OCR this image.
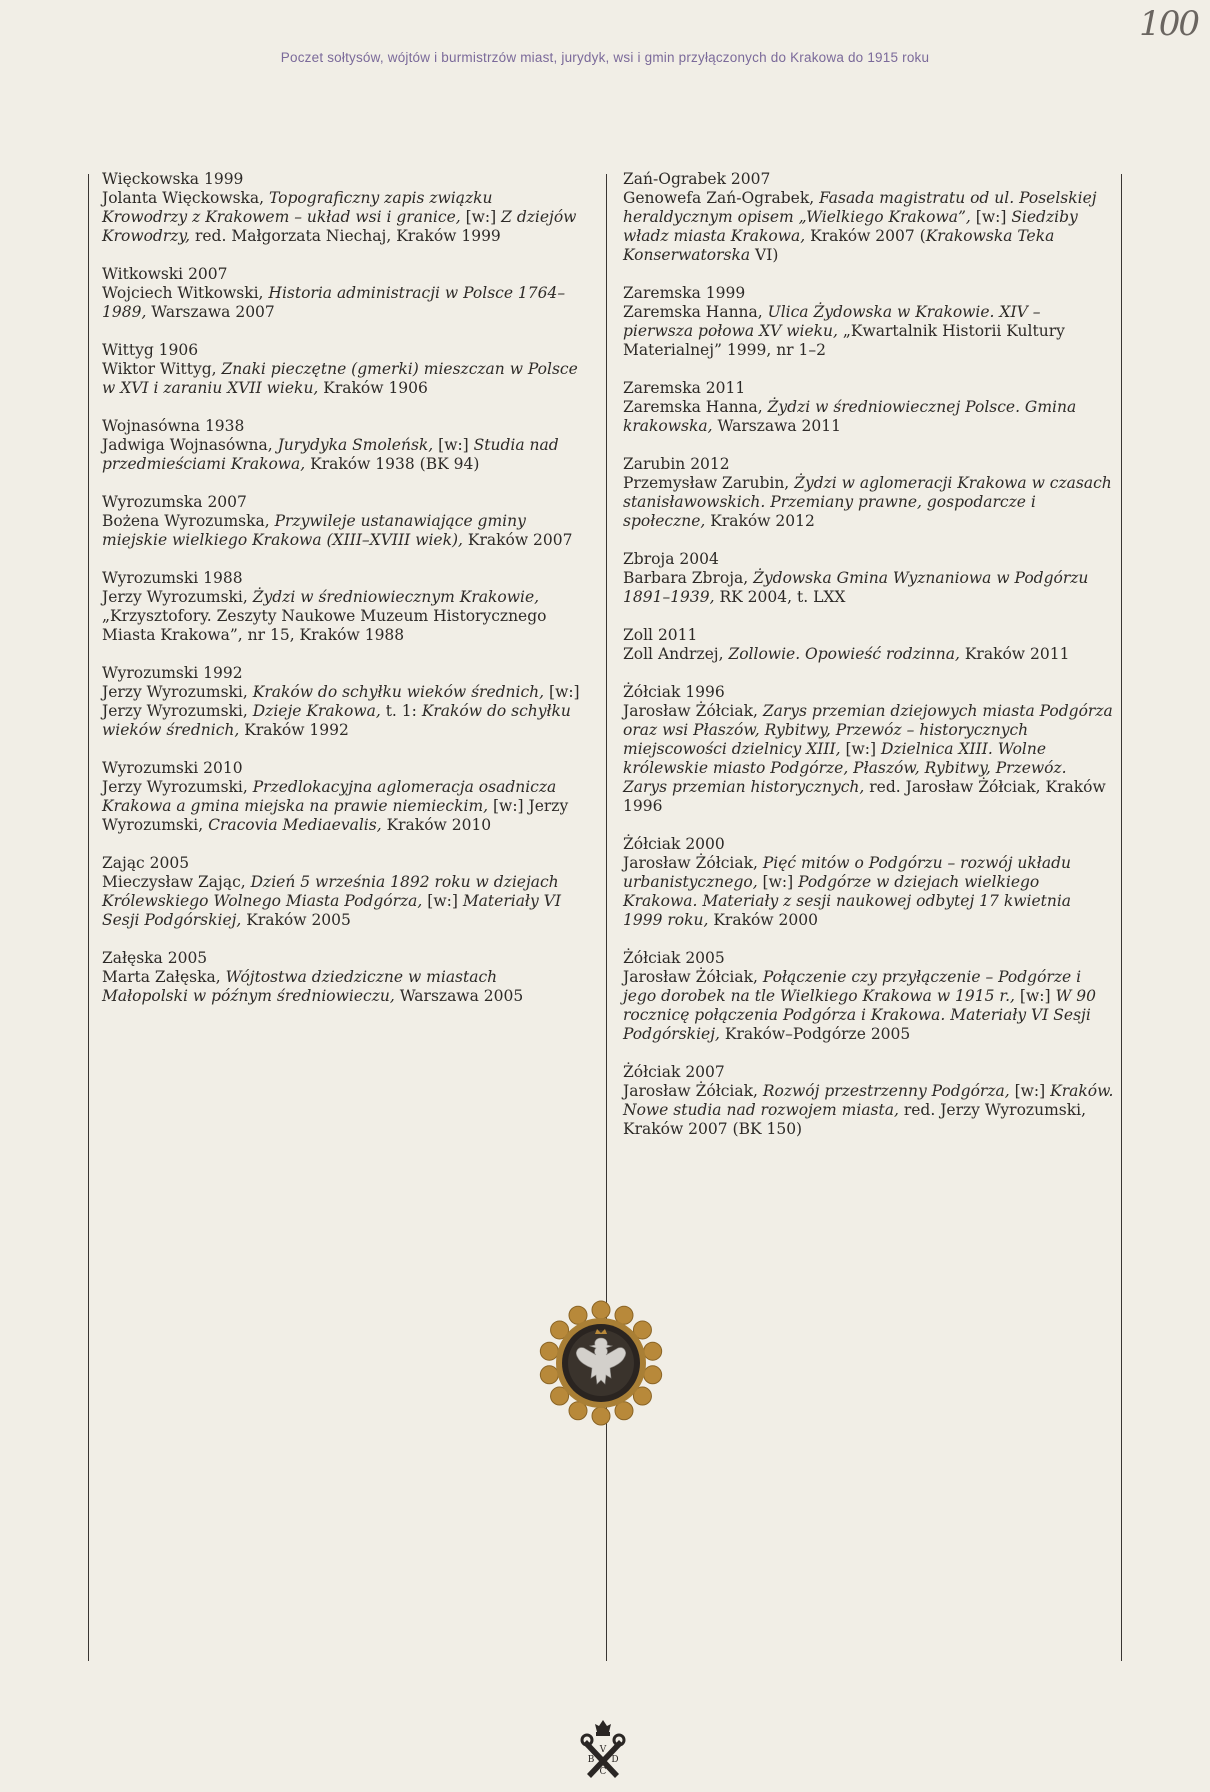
100
Poczet sołtysów, wójtów i burmistrzów miast, jurydyk, wsi i gmin przyłączonych do Krakowa do 1915 roku
Więckowska 1999
Jolanta Więckowska, Topograficzny zapis związku Krowodrzy z Krakowem – układ wsi i granice, [w:] Z dziejów Krowodrzy, red. Małgorzata Niechaj, Kraków 1999
Witkowski 2007
Wojciech Witkowski, Historia administracji w Polsce 1764–1989, Warszawa 2007
Wittyg 1906
Wiktor Wittyg, Znaki pieczętne (gmerki) mieszczan w Polsce w XVI i zaraniu XVII wieku, Kraków 1906
Wojnasówna 1938
Jadwiga Wojnasówna, Jurydyka Smoleńsk, [w:] Studia nad przedmieściami Krakowa, Kraków 1938 (BK 94)
Wyrozumska 2007
Bożena Wyrozumska, Przywileje ustanawiające gminy miejskie wielkiego Krakowa (XIII–XVIII wiek), Kraków 2007
Wyrozumski 1988
Jerzy Wyrozumski, Żydzi w średniowiecznym Krakowie, „Krzysztofory. Zeszyty Naukowe Muzeum Historycznego Miasta Krakowa”, nr 15, Kraków 1988
Wyrozumski 1992
Jerzy Wyrozumski, Kraków do schyłku wieków średnich, [w:] Jerzy Wyrozumski, Dzieje Krakowa, t. 1: Kraków do schyłku wieków średnich, Kraków 1992
Wyrozumski 2010
Jerzy Wyrozumski, Przedlokacyjna aglomeracja osadnicza Krakowa a gmina miejska na prawie niemieckim, [w:] Jerzy Wyrozumski, Cracovia Mediaevalis, Kraków 2010
Zając 2005
Mieczysław Zając, Dzień 5 września 1892 roku w dziejach Królewskiego Wolnego Miasta Podgórza, [w:] Materiały VI Sesji Podgórskiej, Kraków 2005
Załęska 2005
Marta Załęska, Wójtostwa dziedziczne w miastach Małopolski w późnym średniowieczu, Warszawa 2005
Zań-Ograbek 2007
Genowefa Zań-Ograbek, Fasada magistratu od ul. Poselskiej heraldycznym opisem „Wielkiego Krakowa”, [w:] Siedziby władz miasta Krakowa, Kraków 2007 (Krakowska Teka Konserwatorska VI)
Zaremska 1999
Zaremska Hanna, Ulica Żydowska w Krakowie. XIV – pierwsza połowa XV wieku, „Kwartalnik Historii Kultury Materialnej” 1999, nr 1–2
Zaremska 2011
Zaremska Hanna, Żydzi w średniowiecznej Polsce. Gmina krakowska, Warszawa 2011
Zarubin 2012
Przemysław Zarubin, Żydzi w aglomeracji Krakowa w czasach stanisławowskich. Przemiany prawne, gospodarcze i społeczne, Kraków 2012
Zbroja 2004
Barbara Zbroja, Żydowska Gmina Wyznaniowa w Podgórzu 1891–1939, RK 2004, t. LXX
Zoll 2011
Zoll Andrzej, Zollowie. Opowieść rodzinna, Kraków 2011
Żółciak 1996
Jarosław Żółciak, Zarys przemian dziejowych miasta Podgórza oraz wsi Płaszów, Rybitwy, Przewóz – historycznych miejscowości dzielnicy XIII, [w:] Dzielnica XIII. Wolne królewskie miasto Podgórze, Płaszów, Rybitwy, Przewóz. Zarys przemian historycznych, red. Jarosław Żółciak, Kraków 1996
Żółciak 2000
Jarosław Żółciak, Pięć mitów o Podgórzu – rozwój układu urbanistycznego, [w:] Podgórze w dziejach wielkiego Krakowa. Materiały z sesji naukowej odbytej 17 kwietnia 1999 roku, Kraków 2000
Żółciak 2005
Jarosław Żółciak, Połączenie czy przyłączenie – Podgórze i jego dorobek na tle Wielkiego Krakowa w 1915 r., [w:] W 90 rocznicę połączenia Podgórza i Krakowa. Materiały VI Sesji Podgórskiej, Kraków–Podgórze 2005
Żółciak 2007
Jarosław Żółciak, Rozwój przestrzenny Podgórza, [w:] Kraków. Nowe studia nad rozwojem miasta, red. Jerzy Wyrozumski, Kraków 2007 (BK 150)
V
B D
C
